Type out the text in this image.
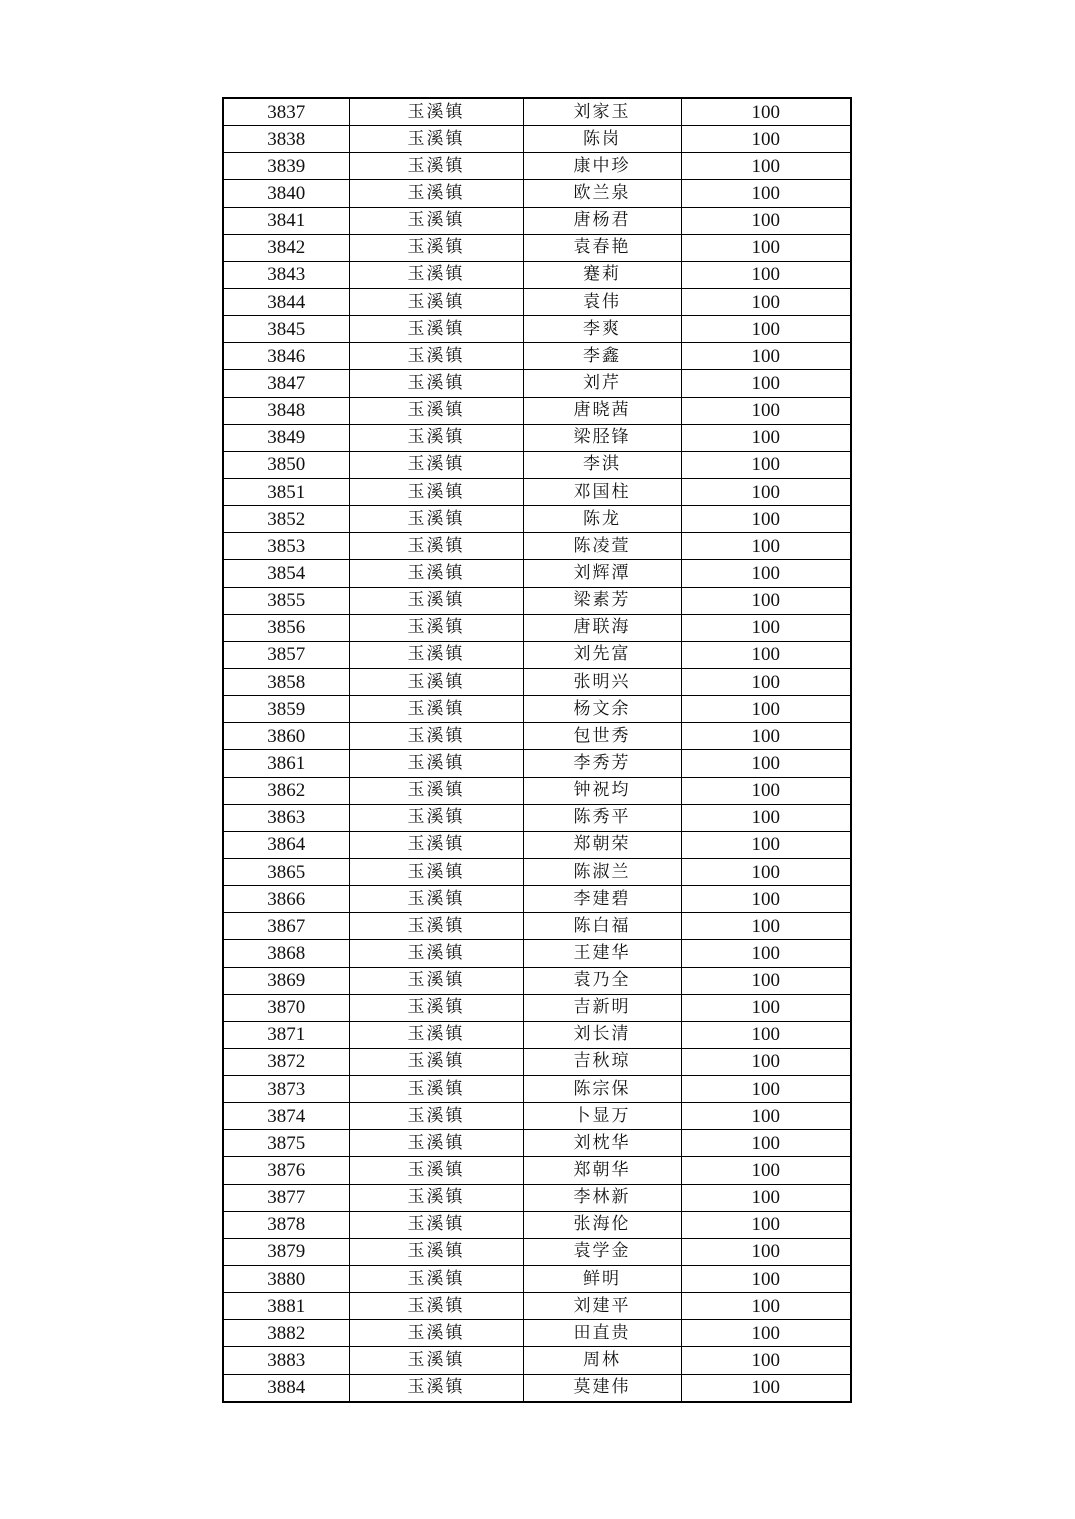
3837	玉溪镇	刘家玉	100
3838	玉溪镇	陈岗	100
3839	玉溪镇	康中珍	100
3840	玉溪镇	欧兰泉	100
3841	玉溪镇	唐杨君	100
3842	玉溪镇	袁春艳	100
3843	玉溪镇	蹇莉	100
3844	玉溪镇	袁伟	100
3845	玉溪镇	李爽	100
3846	玉溪镇	李鑫	100
3847	玉溪镇	刘芹	100
3848	玉溪镇	唐晓茜	100
3849	玉溪镇	梁胫锋	100
3850	玉溪镇	李淇	100
3851	玉溪镇	邓国柱	100
3852	玉溪镇	陈龙	100
3853	玉溪镇	陈凌萱	100
3854	玉溪镇	刘辉潭	100
3855	玉溪镇	梁素芳	100
3856	玉溪镇	唐联海	100
3857	玉溪镇	刘先富	100
3858	玉溪镇	张明兴	100
3859	玉溪镇	杨文余	100
3860	玉溪镇	包世秀	100
3861	玉溪镇	李秀芳	100
3862	玉溪镇	钟祝均	100
3863	玉溪镇	陈秀平	100
3864	玉溪镇	郑朝荣	100
3865	玉溪镇	陈淑兰	100
3866	玉溪镇	李建碧	100
3867	玉溪镇	陈白福	100
3868	玉溪镇	王建华	100
3869	玉溪镇	袁乃全	100
3870	玉溪镇	吉新明	100
3871	玉溪镇	刘长清	100
3872	玉溪镇	吉秋琼	100
3873	玉溪镇	陈宗保	100
3874	玉溪镇	卜显万	100
3875	玉溪镇	刘枕华	100
3876	玉溪镇	郑朝华	100
3877	玉溪镇	李林新	100
3878	玉溪镇	张海伦	100
3879	玉溪镇	袁学金	100
3880	玉溪镇	鲜明	100
3881	玉溪镇	刘建平	100
3882	玉溪镇	田直贵	100
3883	玉溪镇	周林	100
3884	玉溪镇	莫建伟	100
